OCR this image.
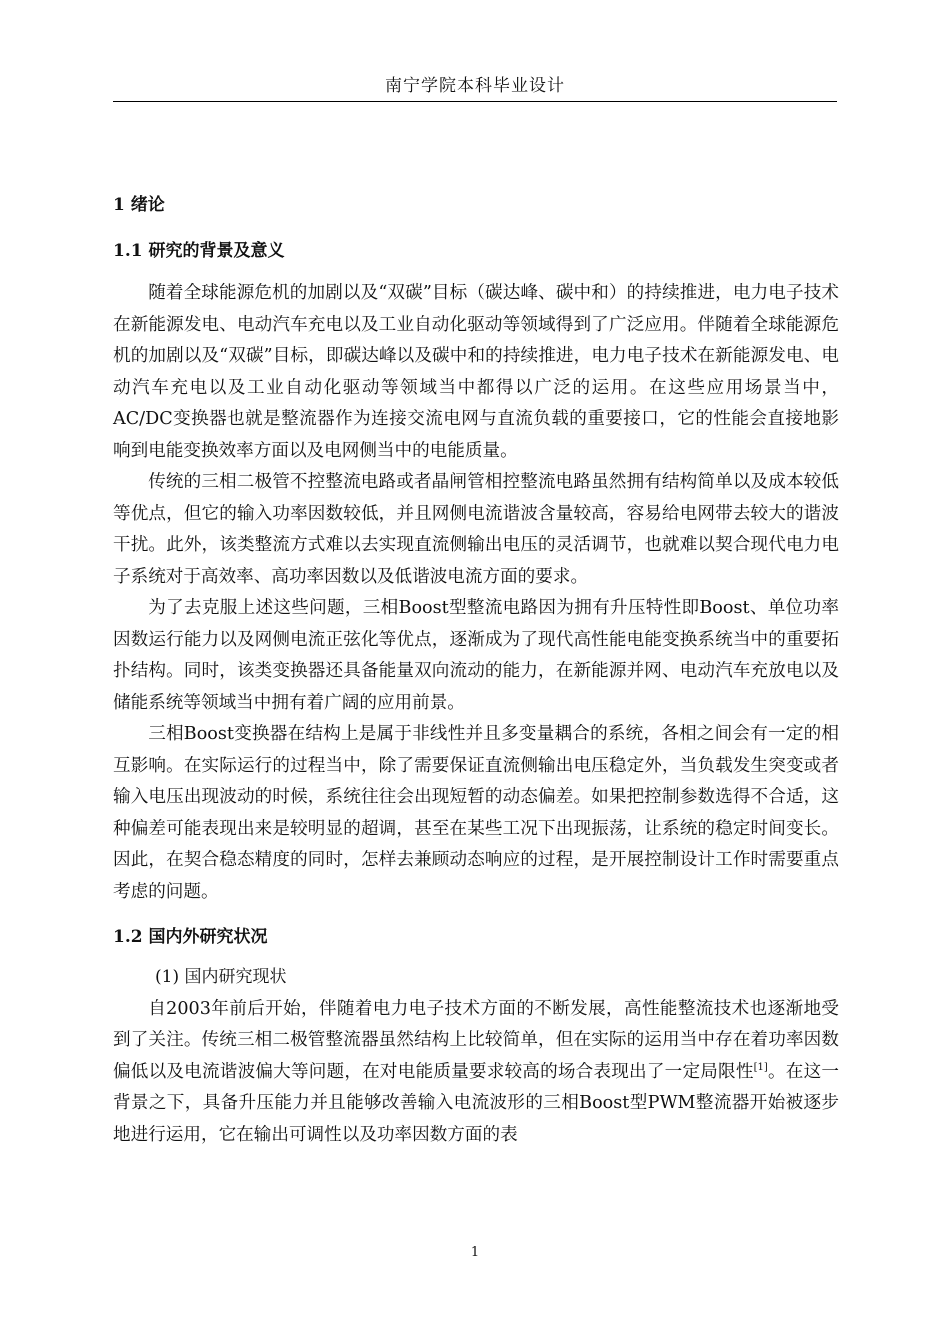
南宁学院本科毕业设计

1 绪论

1.1 研究的背景及意义

随着全球能源危机的加剧以及“双碳”目标（碳达峰、碳中和）的持续推进，电力电子技术在新能源发电、电动汽车充电以及工业自动化驱动等领域得到了广泛应用。伴随着全球能源危机的加剧以及“双碳”目标，即碳达峰以及碳中和的持续推进，电力电子技术在新能源发电、电动汽车充电以及工业自动化驱动等领域当中都得以广泛的运用。在这些应用场景当中，AC/DC变换器也就是整流器作为连接交流电网与直流负载的重要接口，它的性能会直接地影响到电能变换效率方面以及电网侧当中的电能质量。

传统的三相二极管不控整流电路或者晶闸管相控整流电路虽然拥有结构简单以及成本较低等优点，但它的输入功率因数较低，并且网侧电流谐波含量较高，容易给电网带去较大的谐波干扰。此外，该类整流方式难以去实现直流侧输出电压的灵活调节，也就难以契合现代电力电子系统对于高效率、高功率因数以及低谐波电流方面的要求。

为了去克服上述这些问题，三相Boost型整流电路因为拥有升压特性即Boost、单位功率因数运行能力以及网侧电流正弦化等优点，逐渐成为了现代高性能电能变换系统当中的重要拓扑结构。同时，该类变换器还具备能量双向流动的能力，在新能源并网、电动汽车充放电以及储能系统等领域当中拥有着广阔的应用前景。

三相Boost变换器在结构上是属于非线性并且多变量耦合的系统，各相之间会有一定的相互影响。在实际运行的过程当中，除了需要保证直流侧输出电压稳定外，当负载发生突变或者输入电压出现波动的时候，系统往往会出现短暂的动态偏差。如果把控制参数选得不合适，这种偏差可能表现出来是较明显的超调，甚至在某些工况下出现振荡，让系统的稳定时间变长。因此，在契合稳态精度的同时，怎样去兼顾动态响应的过程，是开展控制设计工作时需要重点考虑的问题。

1.2 国内外研究状况

(1) 国内研究现状

自2003年前后开始，伴随着电力电子技术方面的不断发展，高性能整流技术也逐渐地受到了关注。传统三相二极管整流器虽然结构上比较简单，但在实际的运用当中存在着功率因数偏低以及电流谐波偏大等问题，在对电能质量要求较高的场合表现出了一定局限性[1]。在这一背景之下，具备升压能力并且能够改善输入电流波形的三相Boost型PWM整流器开始被逐步地进行运用，它在输出可调性以及功率因数方面的表

1
